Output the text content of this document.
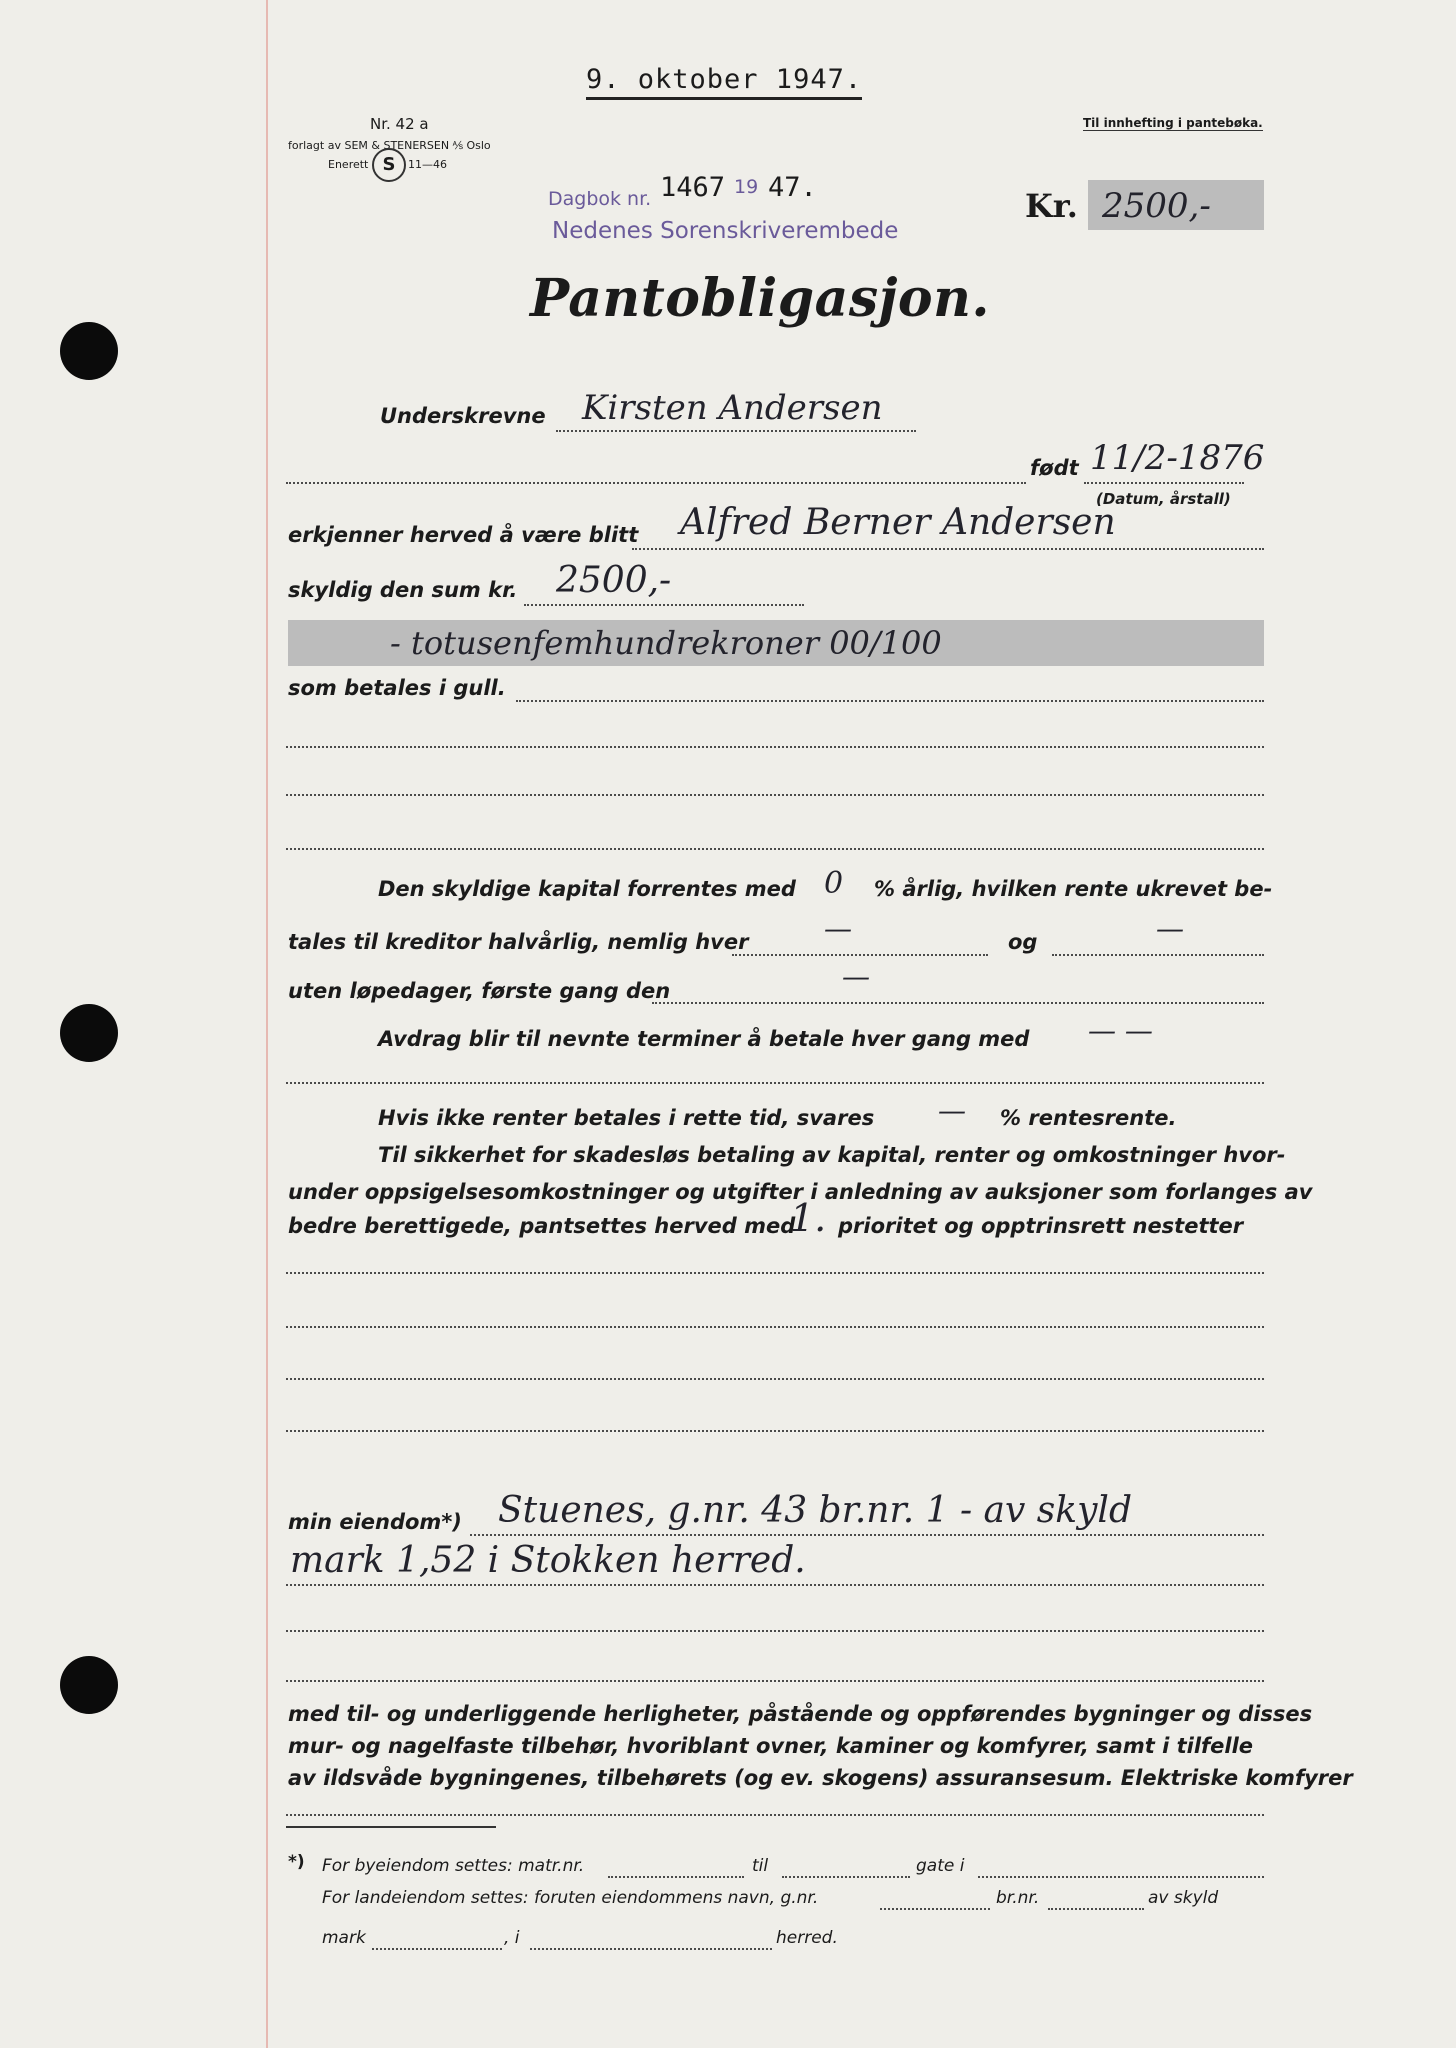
9. oktober 1947.
Nr. 42 a
forlagt av SEM & STENERSEN ⅍ Oslo
Enerett S	11—46
Til innhefting i pantebøka.
Dagbok nr. 1467 19 47.
Nedenes Sorenskriverembede
Kr. 2500,-
Pantobligasjon.
Underskrevne Kirsten Andersen
født 11/2-1876
(Datum, årstall)
erkjenner herved å være blitt Alfred Berner Andersen
skyldig den sum kr. 2500,-
- totusenfemhundrekroner 00/100
som betales i gull.
Den skyldige kapital forrentes med 0 % årlig, hvilken rente ukrevet be-
tales til kreditor halvårlig, nemlig hver	—	og	—
uten løpedager, første gang den	—
Avdrag blir til nevnte terminer å betale hver gang med — —
Hvis ikke renter betales i rette tid, svares — % rentesrente.
Til sikkerhet for skadesløs betaling av kapital, renter og omkostninger hvor-
under oppsigelsesomkostninger og utgifter i anledning av auksjoner som forlanges av
bedre berettigede, pantsettes herved med
1. prioritet og opptrinsrett nestetter
min eiendom*) Stuenes, g.nr. 43 br.nr. 1 - av skyld
mark 1,52 i Stokken herred.
med til- og underliggende herligheter, påstående og oppførendes bygninger og disses
mur- og nagelfaste tilbehør, hvoriblant ovner, kaminer og komfyrer, samt i tilfelle
av ildsvåde bygningenes, tilbehørets (og ev. skogens) assuransesum. Elektriske komfyrer
*) For byeiendom settes: matr.nr.	til	gate i
For landeiendom settes: foruten eiendommens navn, g.nr.	br.nr.	av skyld
mark	, i	herred.
